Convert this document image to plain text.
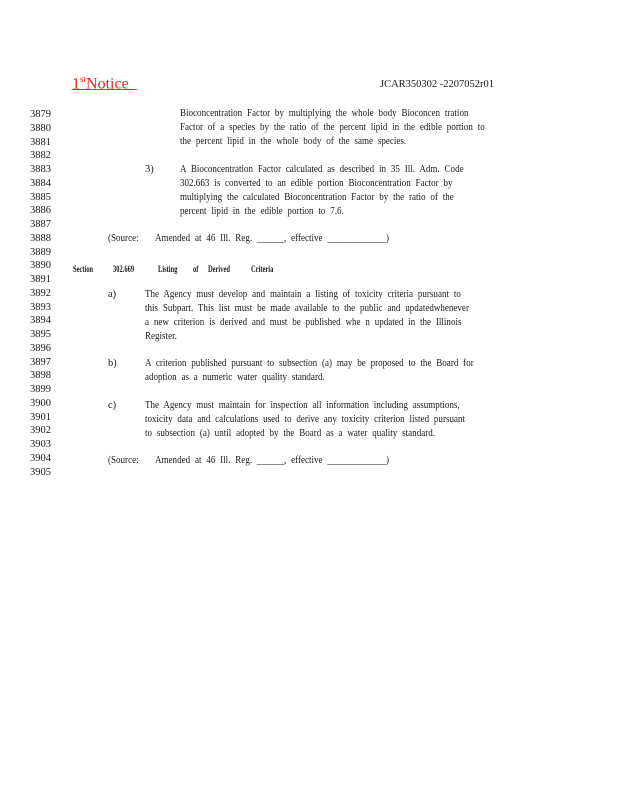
1stNotice	JCAR350302 -2207052r01
3879
3880
3881
3882
3883
3884
3885
3886
3887
3888
3889
3890
3891
3892
3893
3894
3895
3896
3897
3898
3899
3900
3901
3902
3903
3904
3905
Bioconcentration Factor by multiplying the whole body Bioconcen tration
Factor of a species by the ratio of the percent lipid in the edible portion to
the percent lipid in the whole body of the same species.
3)	A Bioconcentration Factor calculated as described in 35 Ill. Adm. Code
302.663 is converted to an edible portion Bioconcentration Factor by
multiplying the calculated Bioconcentration Factor by the ratio of the
percent lipid in the edible portion to 7.6.
(Source: Amended at 46 Ill. Reg. ______, effective _____________)
Section 302.669	Listing of Derived Criteria
a)	The Agency must develop and maintain a listing of toxicity criteria pursuant to
this Subpart. This list must be made available to the public and updatedwhenever
a new criterion is derived and must be published whe n updated in the Illinois
Register.
b)	A criterion published pursuant to subsection (a) may be proposed to the Board for
adoption as a numeric water quality standard.
c)	The Agency must maintain for inspection all information including assumptions,
toxicity data and calculations used to derive any toxicity criterion listed pursuant
to subsection (a) until adopted by the Board as a water quality standard.
(Source: Amended at 46 Ill. Reg. ______, effective _____________)
